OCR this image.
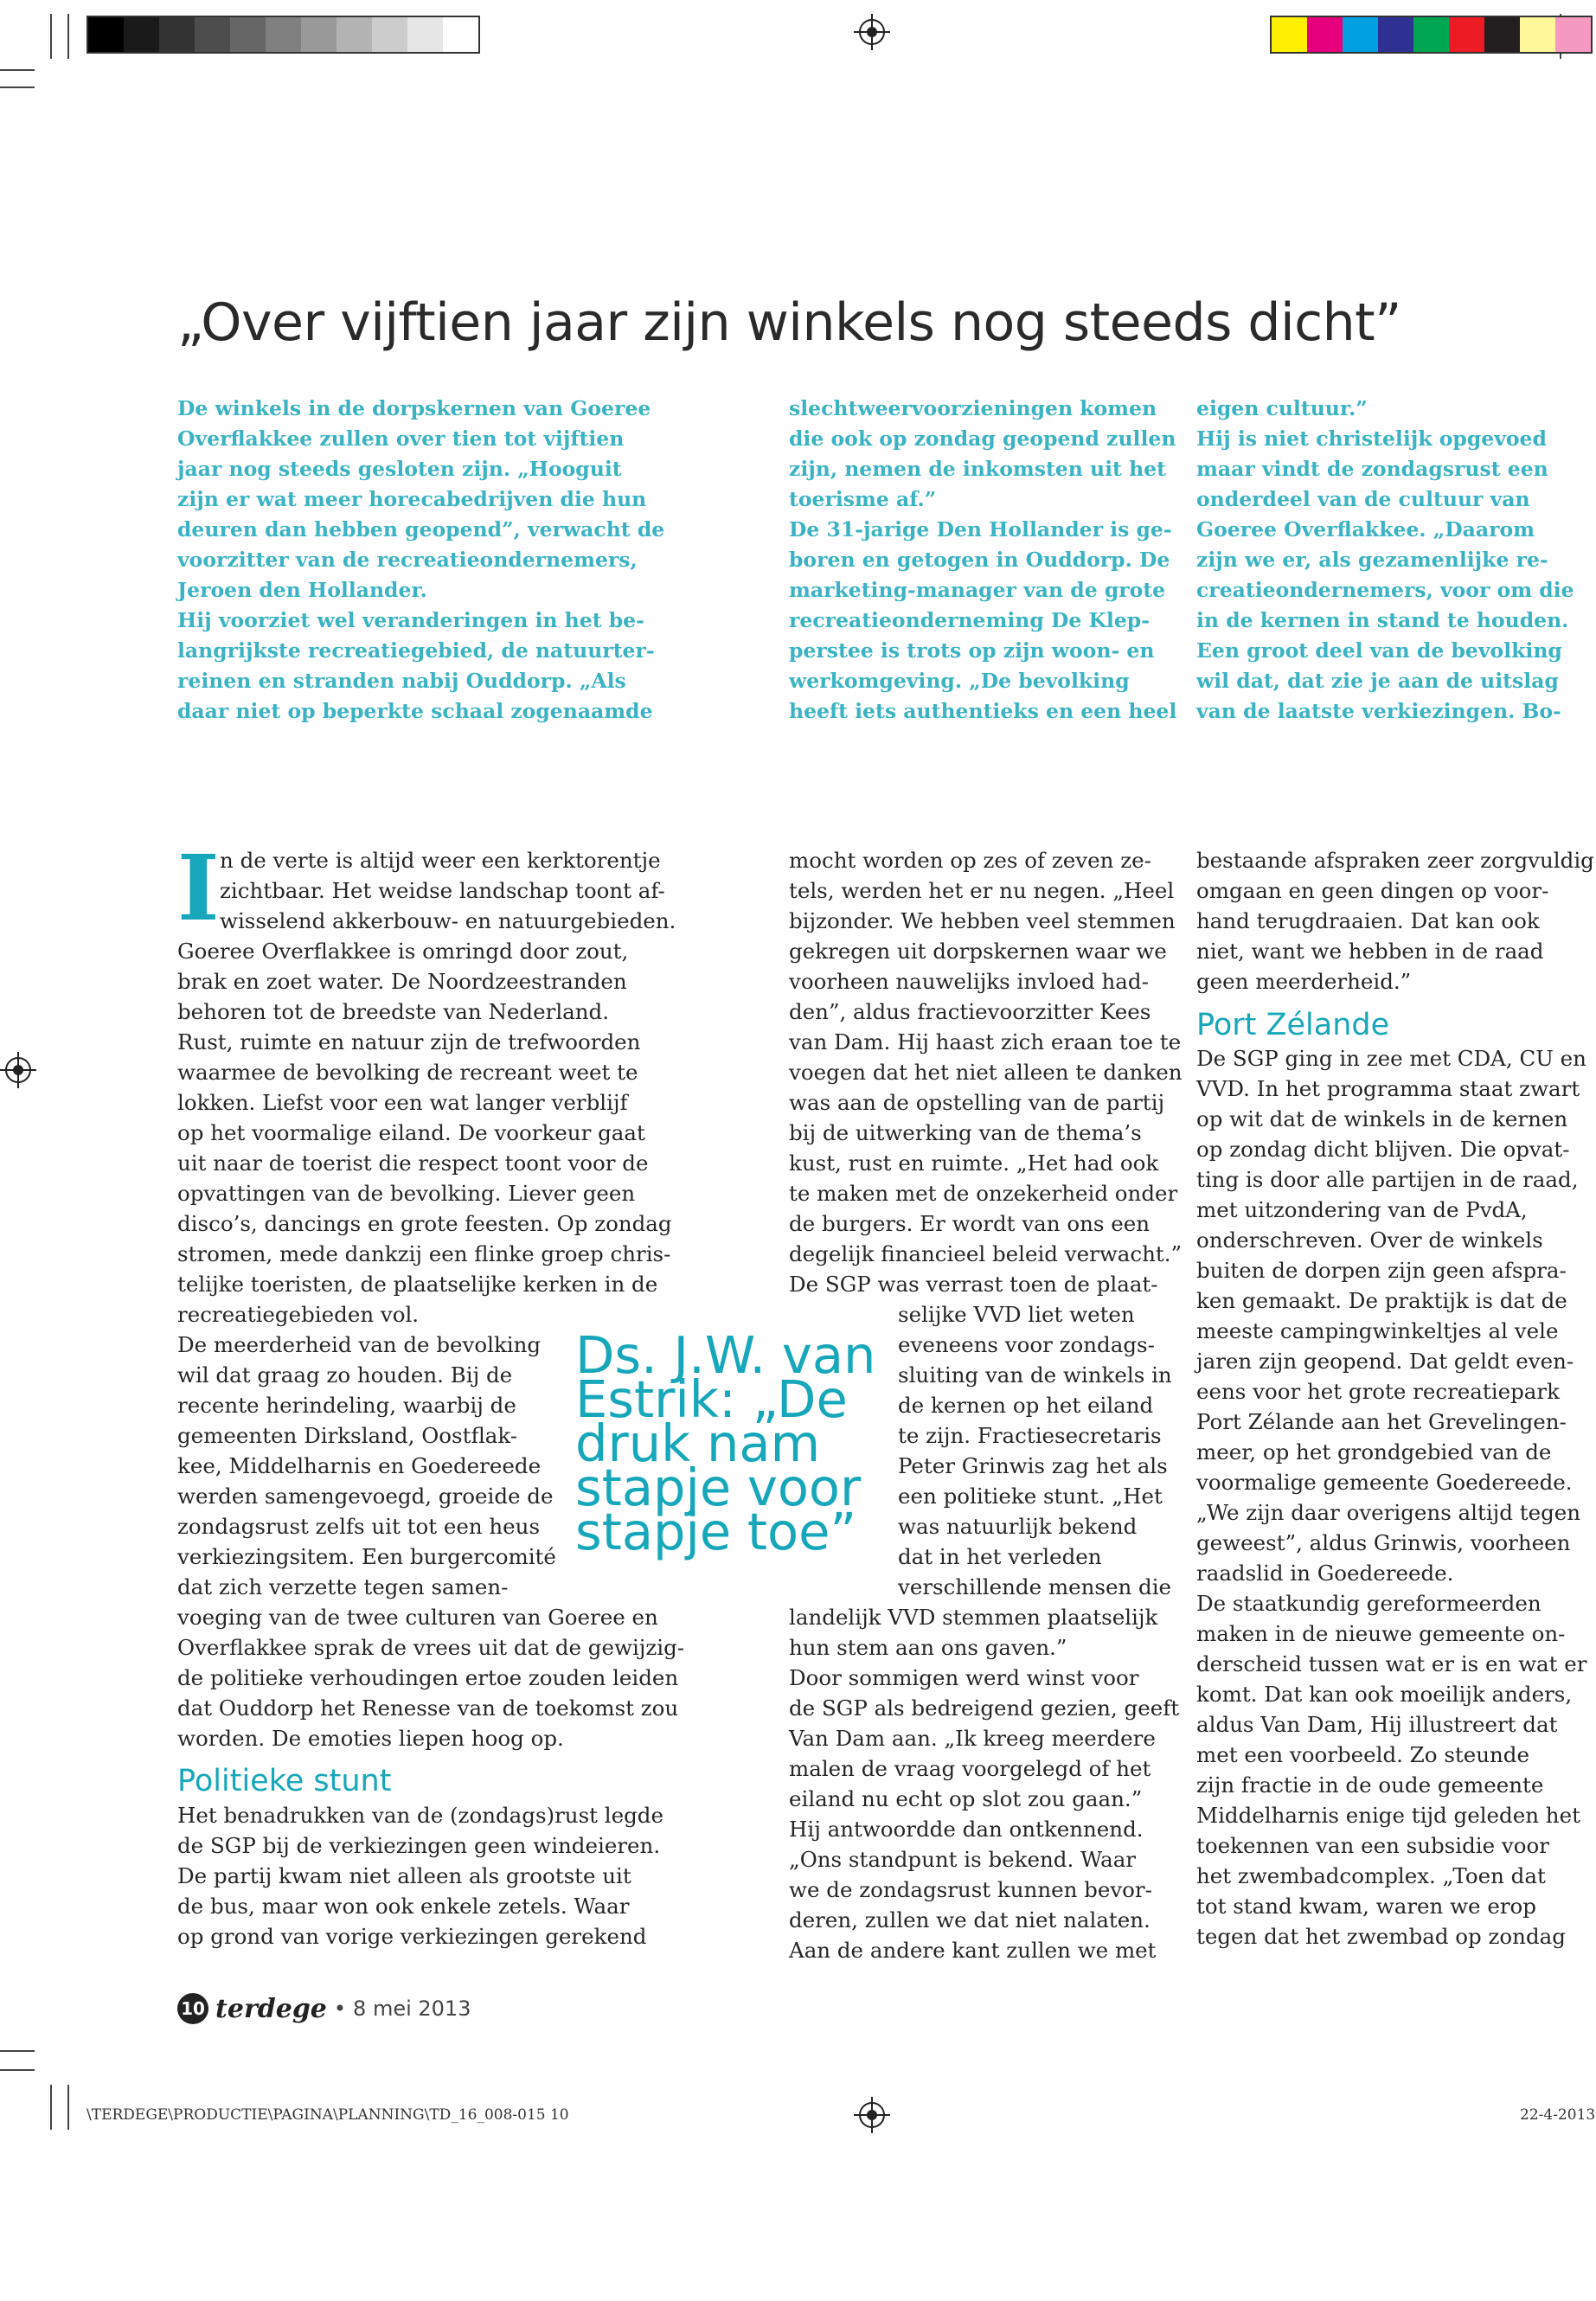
„Over vijftien jaar zijn winkels nog steeds dicht”

De winkels in de dorpskernen van Goeree

Overflakkee zullen over tien tot vijftien

jaar nog steeds gesloten zijn. „Hooguit

zijn er wat meer horecabedrijven die hun

deuren dan hebben geopend”, verwacht de

voorzitter van de recreatieondernemers,

Jeroen den Hollander.

Hij voorziet wel veranderingen in het be-

langrijkste recreatiegebied, de natuurter-

reinen en stranden nabij Ouddorp. „Als

daar niet op beperkte schaal zogenaamde

slechtweervoorzieningen komen

die ook op zondag geopend zullen

zijn, nemen de inkomsten uit het

toerisme af.”

De 31-jarige Den Hollander is ge-

boren en getogen in Ouddorp. De

marketing-manager van de grote

recreatieonderneming De Klep-

perstee is trots op zijn woon- en

werkomgeving. „De bevolking

heeft iets authentieks en een heel

eigen cultuur.”

Hij is niet christelijk opgevoed

maar vindt de zondagsrust een

onderdeel van de cultuur van

Goeree Overflakkee. „Daarom

zijn we er, als gezamenlijke re-

creatieondernemers, voor om die

in de kernen in stand te houden.

Een groot deel van de bevolking

wil dat, dat zie je aan de uitslag

van de laatste verkiezingen. Bo-

I n de verte is altijd weer een kerktorentje

zichtbaar. Het weidse landschap toont af-

wisselend akkerbouw- en natuurgebieden.

Goeree Overflakkee is omringd door zout,

brak en zoet water. De Noordzeestranden

behoren tot de breedste van Nederland.

Rust, ruimte en natuur zijn de trefwoorden

waarmee de bevolking de recreant weet te

lokken. Liefst voor een wat langer verblijf

op het voormalige eiland. De voorkeur gaat

uit naar de toerist die respect toont voor de

opvattingen van de bevolking. Liever geen

disco’s, dancings en grote feesten. Op zondag

stromen, mede dankzij een flinke groep chris-

telijke toeristen, de plaatselijke kerken in de

recreatiegebieden vol.

De meerderheid van de bevolking

wil dat graag zo houden. Bij de

recente herindeling, waarbij de

gemeenten Dirksland, Oostflak-

kee, Middelharnis en Goedereede

werden samengevoegd, groeide de

zondagsrust zelfs uit tot een heus

verkiezingsitem. Een burgercomité

dat zich verzette tegen samen-

voeging van de twee culturen van Goeree en

Overflakkee sprak de vrees uit dat de gewijzig-

de politieke verhoudingen ertoe zouden leiden

dat Ouddorp het Renesse van de toekomst zou

worden. De emoties liepen hoog op.

Politieke stunt

Het benadrukken van de (zondags)rust legde

de SGP bij de verkiezingen geen windeieren.

De partij kwam niet alleen als grootste uit

de bus, maar won ook enkele zetels. Waar

op grond van vorige verkiezingen gerekend

Ds. J.W. van
Estrik: „De
druk nam
stapje voor
stapje toe”

mocht worden op zes of zeven ze-

tels, werden het er nu negen. „Heel

bijzonder. We hebben veel stemmen

gekregen uit dorpskernen waar we

voorheen nauwelijks invloed had-

den”, aldus fractievoorzitter Kees

van Dam. Hij haast zich eraan toe te

voegen dat het niet alleen te danken

was aan de opstelling van de partij

bij de uitwerking van de thema’s

kust, rust en ruimte. „Het had ook

te maken met de onzekerheid onder

de burgers. Er wordt van ons een

degelijk financieel beleid verwacht.”

De SGP was verrast toen de plaat-

selijke VVD liet weten

eveneens voor zondags-

sluiting van de winkels in

de kernen op het eiland

te zijn. Fractiesecretaris

Peter Grinwis zag het als

een politieke stunt. „Het

was natuurlijk bekend

dat in het verleden

verschillende mensen die

landelijk VVD stemmen plaatselijk

hun stem aan ons gaven.”

Door sommigen werd winst voor

de SGP als bedreigend gezien, geeft

Van Dam aan. „Ik kreeg meerdere

malen de vraag voorgelegd of het

eiland nu echt op slot zou gaan.”

Hij antwoordde dan ontkennend.

„Ons standpunt is bekend. Waar

we de zondagsrust kunnen bevor-

deren, zullen we dat niet nalaten.

Aan de andere kant zullen we met

bestaande afspraken zeer zorgvuldig

omgaan en geen dingen op voor-

hand terugdraaien. Dat kan ook

niet, want we hebben in de raad

geen meerderheid.”

Port Zélande

De SGP ging in zee met CDA, CU en

VVD. In het programma staat zwart

op wit dat de winkels in de kernen

op zondag dicht blijven. Die opvat-

ting is door alle partijen in de raad,

met uitzondering van de PvdA,

onderschreven. Over de winkels

buiten de dorpen zijn geen afspra-

ken gemaakt. De praktijk is dat de

meeste campingwinkeltjes al vele

jaren zijn geopend. Dat geldt even-

eens voor het grote recreatiepark

Port Zélande aan het Grevelingen-

meer, op het grondgebied van de

voormalige gemeente Goedereede.

„We zijn daar overigens altijd tegen

geweest”, aldus Grinwis, voorheen

raadslid in Goedereede.

De staatkundig gereformeerden

maken in de nieuwe gemeente on-

derscheid tussen wat er is en wat er

komt. Dat kan ook moeilijk anders,

aldus Van Dam, Hij illustreert dat

met een voorbeeld. Zo steunde

zijn fractie in de oude gemeente

Middelharnis enige tijd geleden het

toekennen van een subsidie voor

het zwembadcomplex. „Toen dat

tot stand kwam, waren we erop

tegen dat het zwembad op zondag

10 terdege • 8 mei 2013
\TERDEGE\PRODUCTIE\PAGINA\PLANNING\TD_16_008-015 10	22-4-2013
